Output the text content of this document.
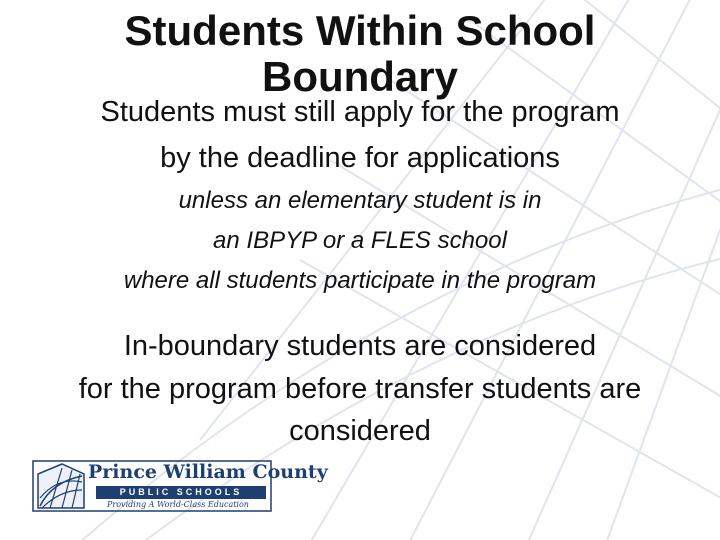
Students Within School
Boundary

Students must still apply for the program

by the deadline for applications

unless an elementary student is in

an IBPYP or a FLES school

where all students participate in the program

In-boundary students are considered

for the program before transfer students are

considered

Prince William County
PUBLIC SCHOOLS
Providing A World-Class Education
